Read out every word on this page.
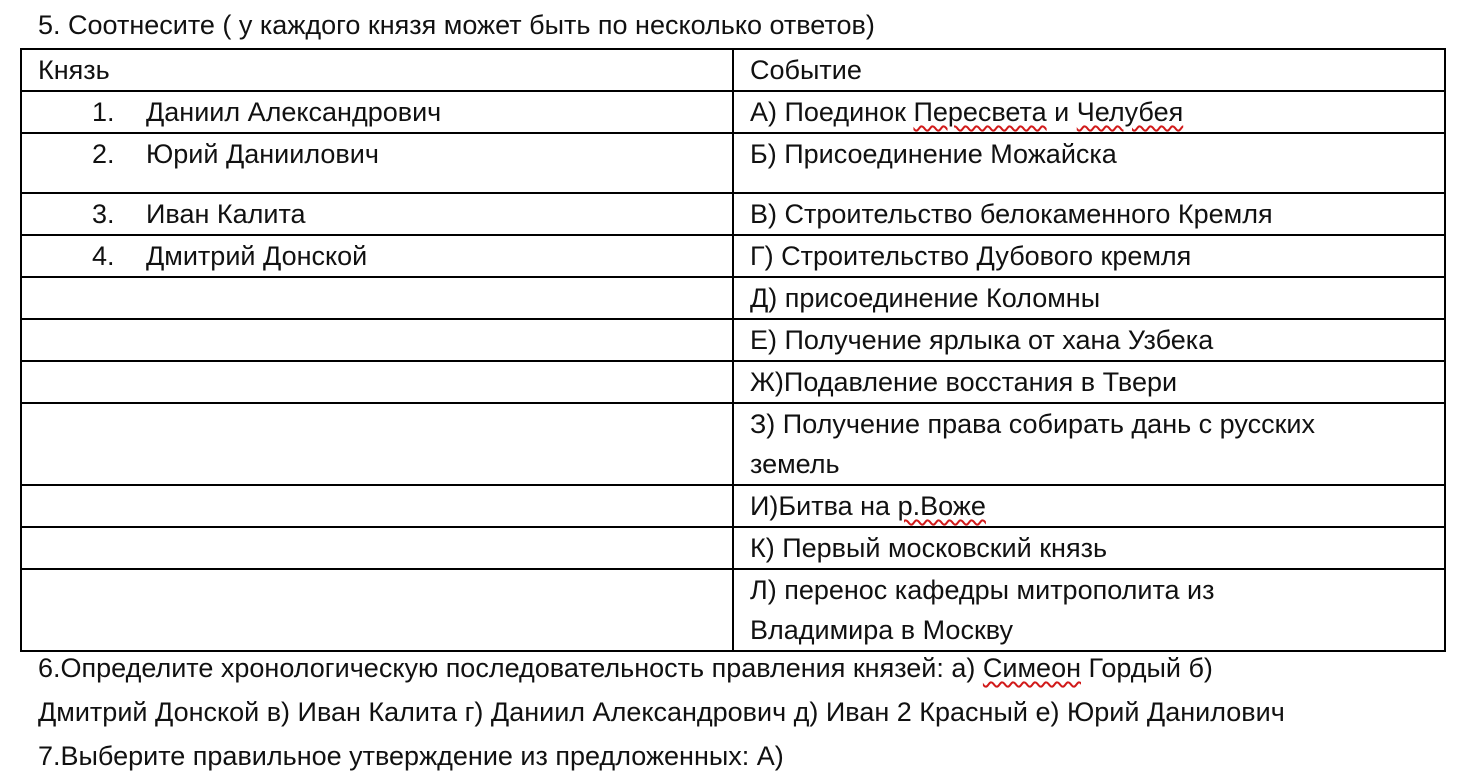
5. Соотнесите ( у каждого князя может быть по несколько ответов)
Князь	Событие
1. Даниил Александрович	А) Поединок Пересвета и Челубея
2. Юрий Даниилович	Б) Присоединение Можайска
3. Иван Калита	В) Строительство белокаменного Кремля
4. Дмитрий Донской	Г) Строительство Дубового кремля
	Д) присоединение Коломны
	Е) Получение ярлыка от хана Узбека
	Ж)Подавление восстания в Твери
	З) Получение права собирать дань с русских земель
	И)Битва на р.Воже
	К) Первый московский князь
	Л) перенос кафедры митрополита из Владимира в Москву
6.Определите хронологическую последовательность правления князей: а) Симеон Гордый б)
Дмитрий Донской в) Иван Калита г) Даниил Александрович д) Иван 2 Красный е) Юрий Данилович
7.Выберите правильное утверждение из предложенных: А)
